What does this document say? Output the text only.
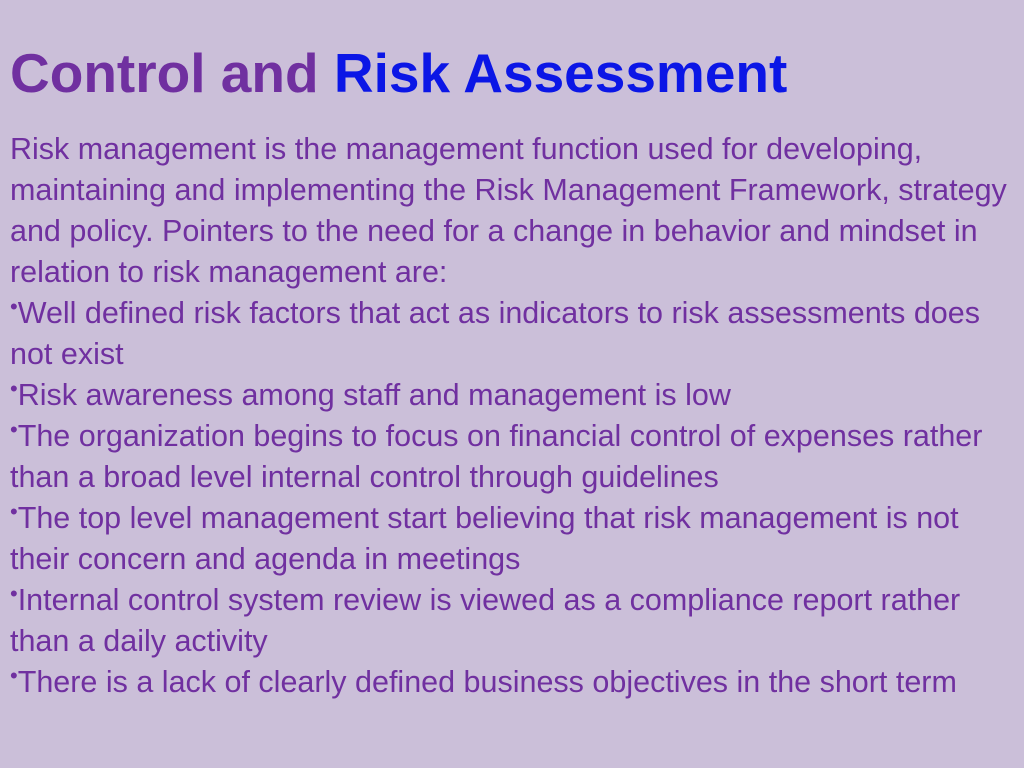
Control and Risk Assessment

Risk management is the management function used for developing, maintaining and implementing the Risk Management Framework, strategy and policy. Pointers to the need for a change in behavior and mindset in relation to risk management are:

•Well defined risk factors that act as indicators to risk assessments does not exist
•Risk awareness among staff and management is low
•The organization begins to focus on financial control of expenses rather than a broad level internal control through guidelines
•The top level management start believing that risk management is not their concern and agenda in meetings
•Internal control system review is viewed as a compliance report rather than a daily activity
•There is a lack of clearly defined business objectives in the short term
